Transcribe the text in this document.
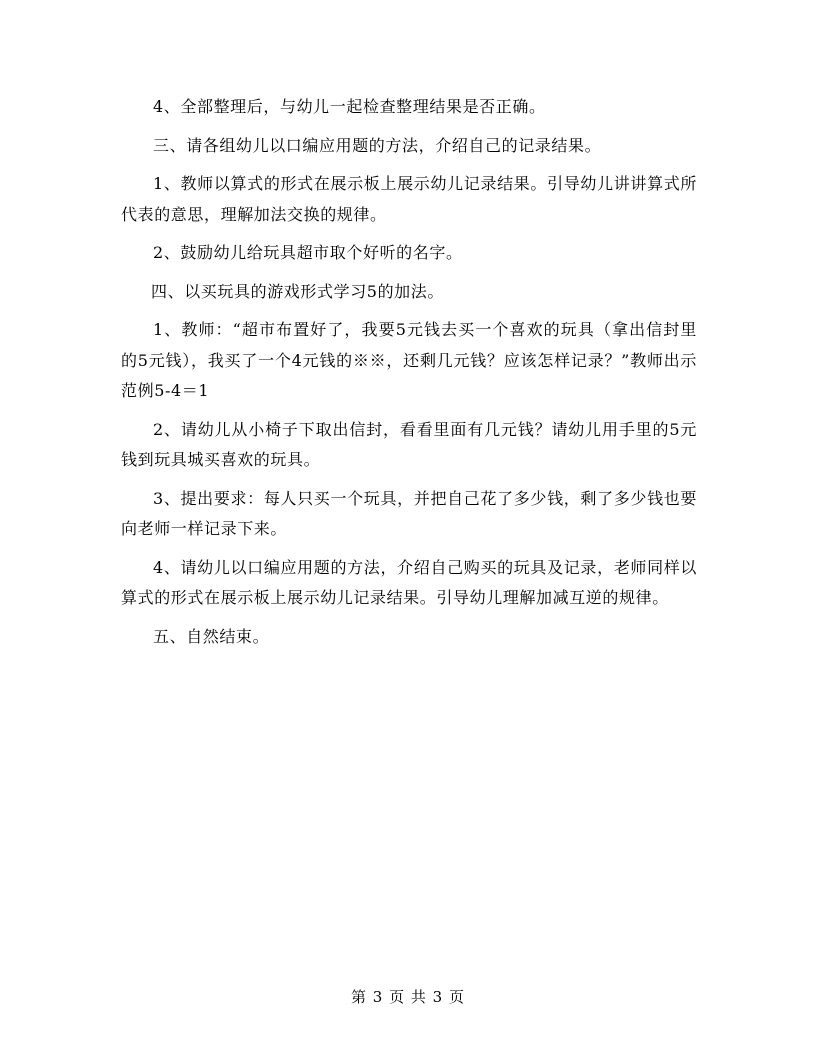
4、全部整理后，与幼儿一起检查整理结果是否正确。

三、请各组幼儿以口编应用题的方法，介绍自己的记录结果。

1、教师以算式的形式在展示板上展示幼儿记录结果。引导幼儿讲讲算式所代表的意思，理解加法交换的规律。

2、鼓励幼儿给玩具超市取个好听的名字。

四、以买玩具的游戏形式学习5的加法。

1、教师：“超市布置好了，我要5元钱去买一个喜欢的玩具（拿出信封里的5元钱），我买了一个4元钱的※※，还剩几元钱？应该怎样记录？”教师出示范例5-4＝1

2、请幼儿从小椅子下取出信封，看看里面有几元钱？请幼儿用手里的5元钱到玩具城买喜欢的玩具。

3、提出要求：每人只买一个玩具，并把自己花了多少钱，剩了多少钱也要向老师一样记录下来。

4、请幼儿以口编应用题的方法，介绍自己购买的玩具及记录，老师同样以算式的形式在展示板上展示幼儿记录结果。引导幼儿理解加减互逆的规律。

五、自然结束。

第 3 页 共 3 页
